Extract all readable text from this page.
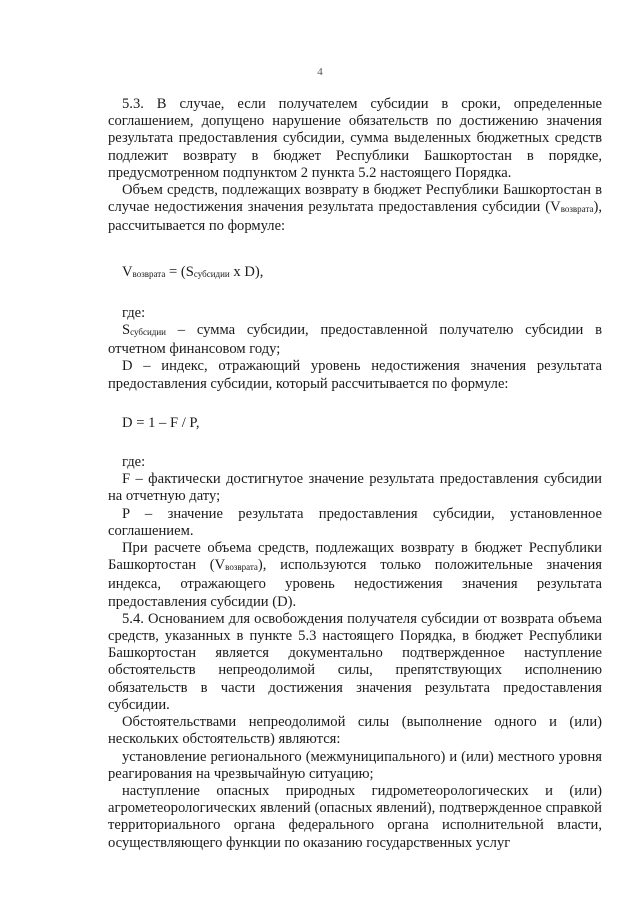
4

5.3. В случае, если получателем субсидии в сроки, определенные соглашением, допущено нарушение обязательств по достижению значения результата предоставления субсидии, сумма выделенных бюджетных средств подлежит возврату в бюджет Республики Башкортостан в порядке, предусмотренном подпунктом 2 пункта 5.2 настоящего Порядка.

Объем средств, подлежащих возврату в бюджет Республики Башкортостан в случае недостижения значения результата предоставления субсидии $(V_{возврата})$, рассчитывается по формуле:

$V_{возврата} = (S_{субсидии}$ x D),

где:

$S_{субсидии}$ – сумма субсидии, предоставленной получателю субсидии в отчетном финансовом году;

D – индекс, отражающий уровень недостижения значения результата предоставления субсидии, который рассчитывается по формуле:

D = 1 – F / P,

где:

F – фактически достигнутое значение результата предоставления субсидии на отчетную дату;

P – значение результата предоставления субсидии, установленное соглашением.

При расчете объема средств, подлежащих возврату в бюджет Республики Башкортостан $(V_{возврата})$, используются только положительные значения индекса, отражающего уровень недостижения значения результата предоставления субсидии (D).

5.4. Основанием для освобождения получателя субсидии от возврата объема средств, указанных в пункте 5.3 настоящего Порядка, в бюджет Республики Башкортостан является документально подтвержденное наступление обстоятельств непреодолимой силы, препятствующих исполнению обязательств в части достижения значения результата предоставления субсидии.

Обстоятельствами непреодолимой силы (выполнение одного и (или) нескольких обстоятельств) являются:

установление регионального (межмуниципального) и (или) местного уровня реагирования на чрезвычайную ситуацию;

наступление опасных природных гидрометеорологических и (или) агрометеорологических явлений (опасных явлений), подтвержденное справкой территориального органа федерального органа исполнительной власти, осуществляющего функции по оказанию государственных услуг
